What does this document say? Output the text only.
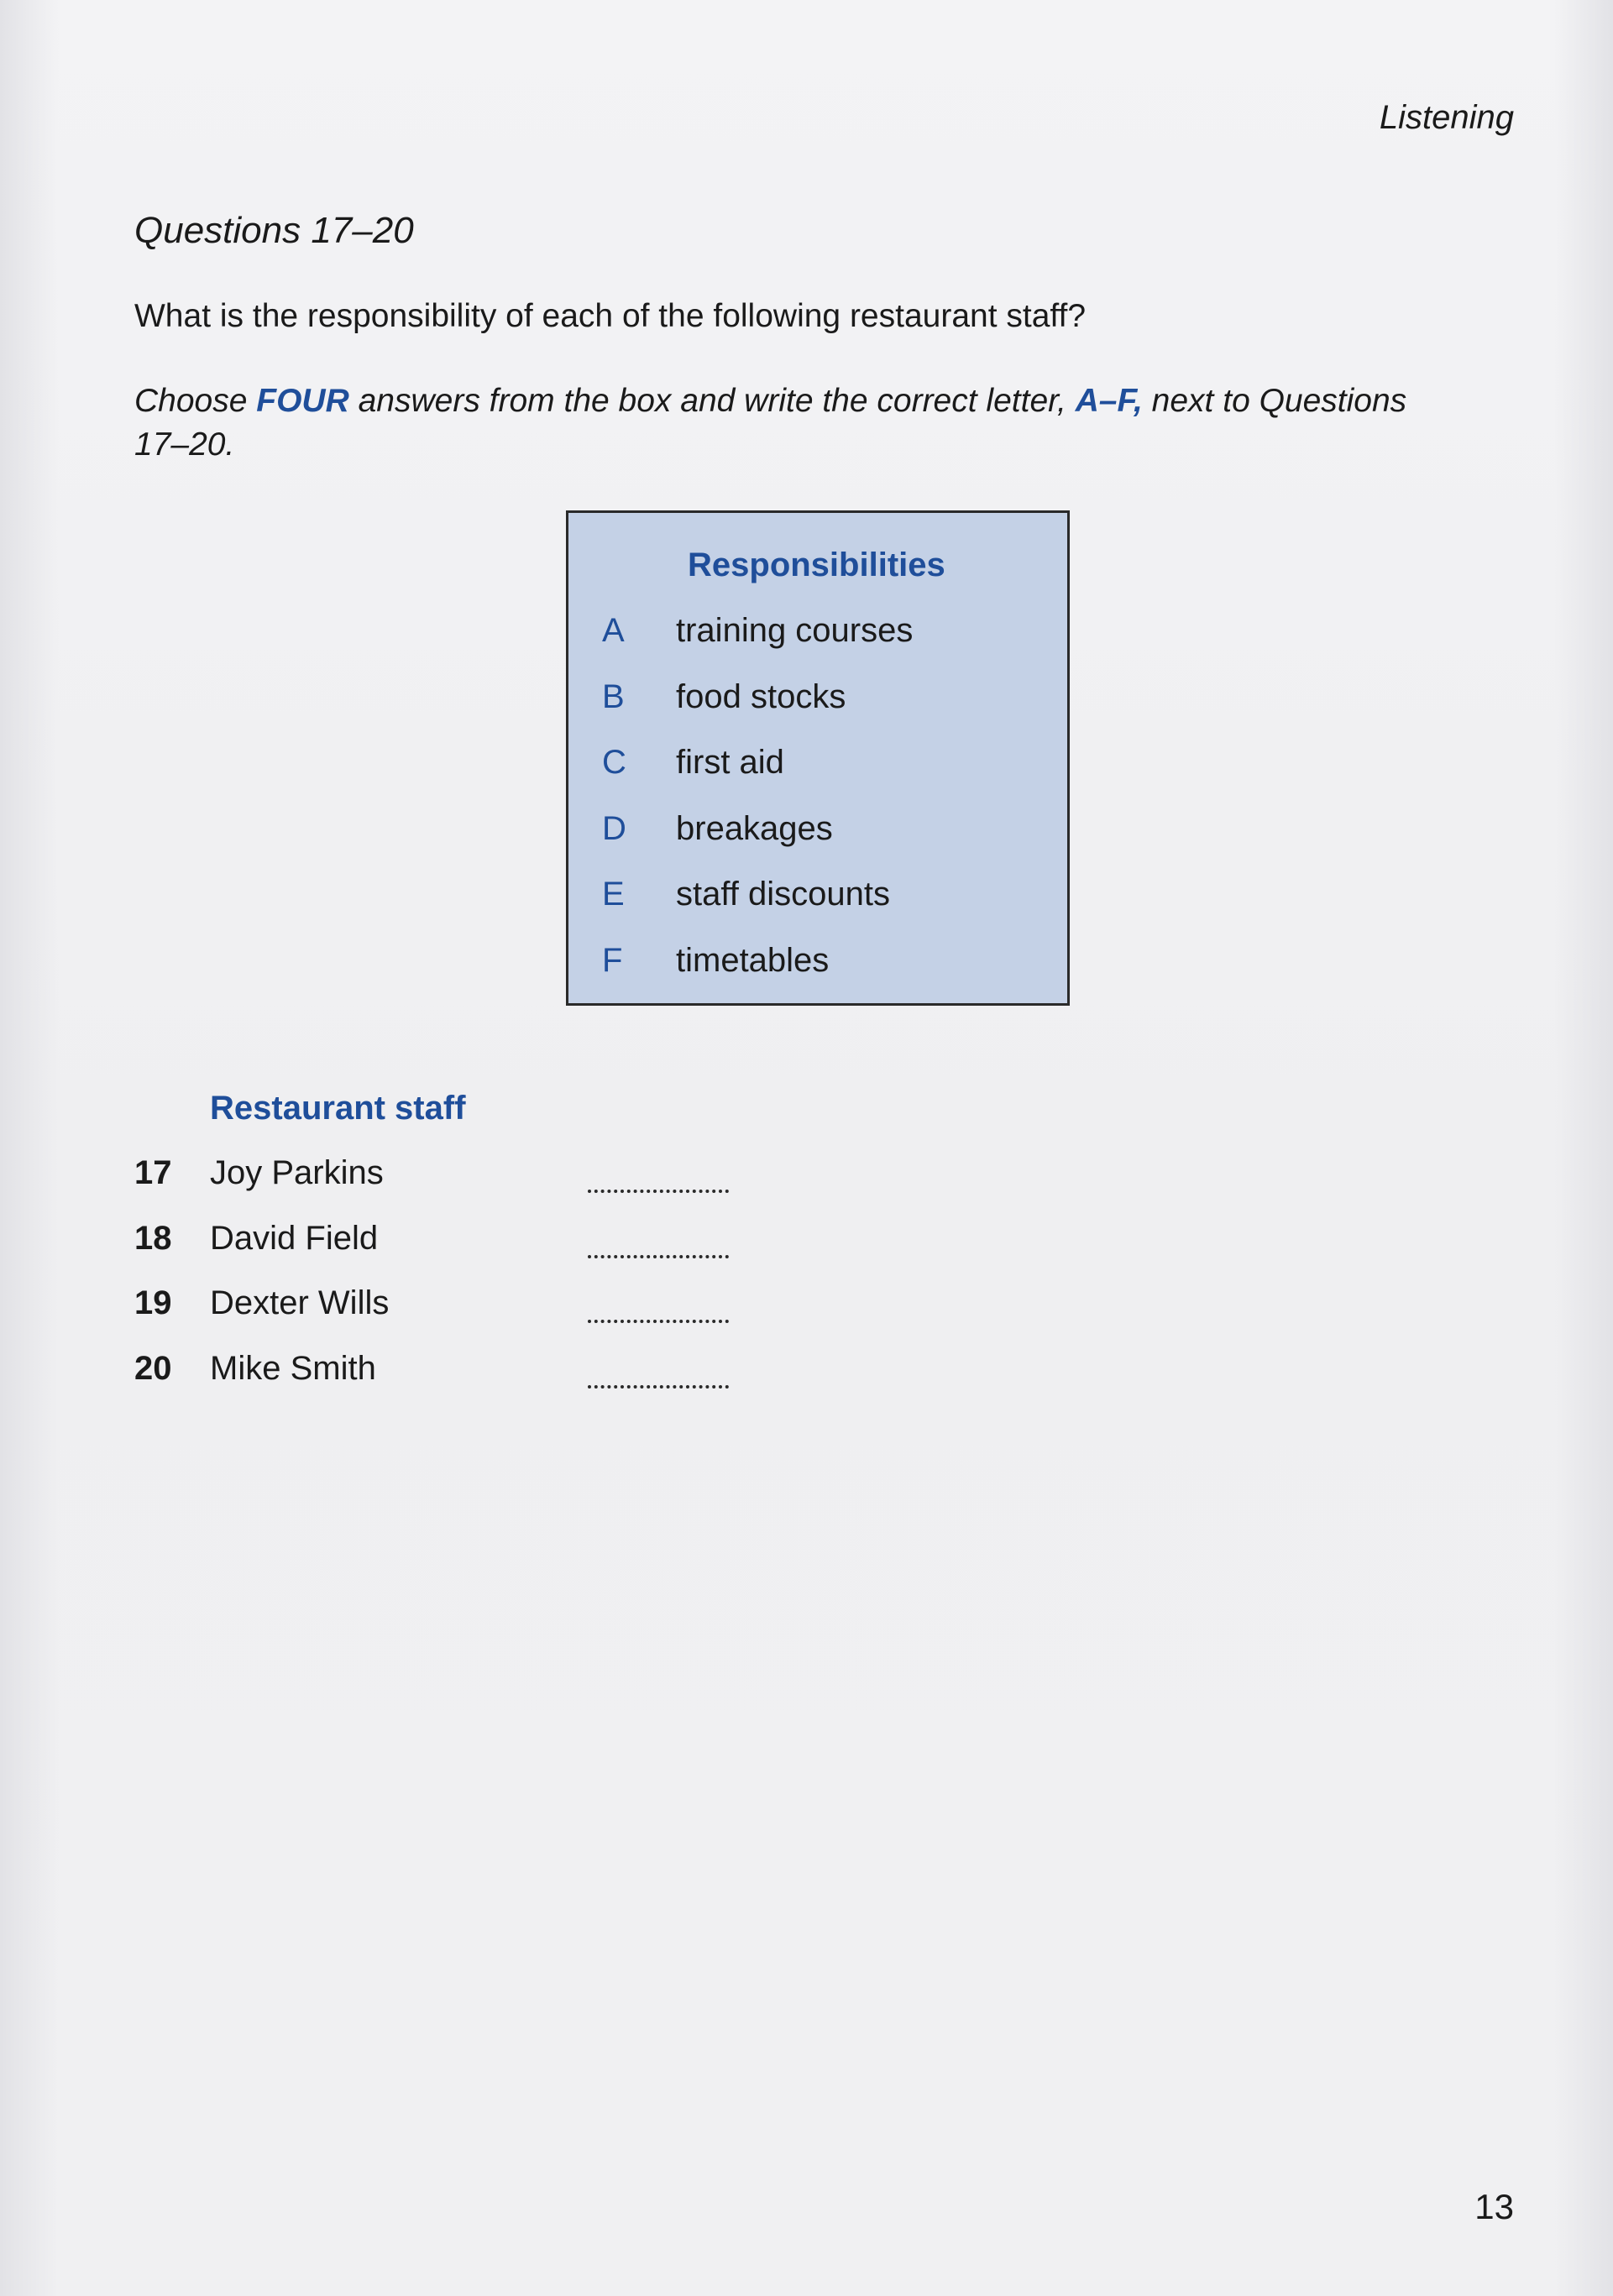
Listening
Questions 17–20
What is the responsibility of each of the following restaurant staff?
Choose FOUR answers from the box and write the correct letter, A–F, next to Questions 17–20.
Responsibilities
A	training courses
B	food stocks
C	first aid
D	breakages
E	staff discounts
F	timetables
Restaurant staff
17	Joy Parkins
18	David Field
19	Dexter Wills
20	Mike Smith
13
